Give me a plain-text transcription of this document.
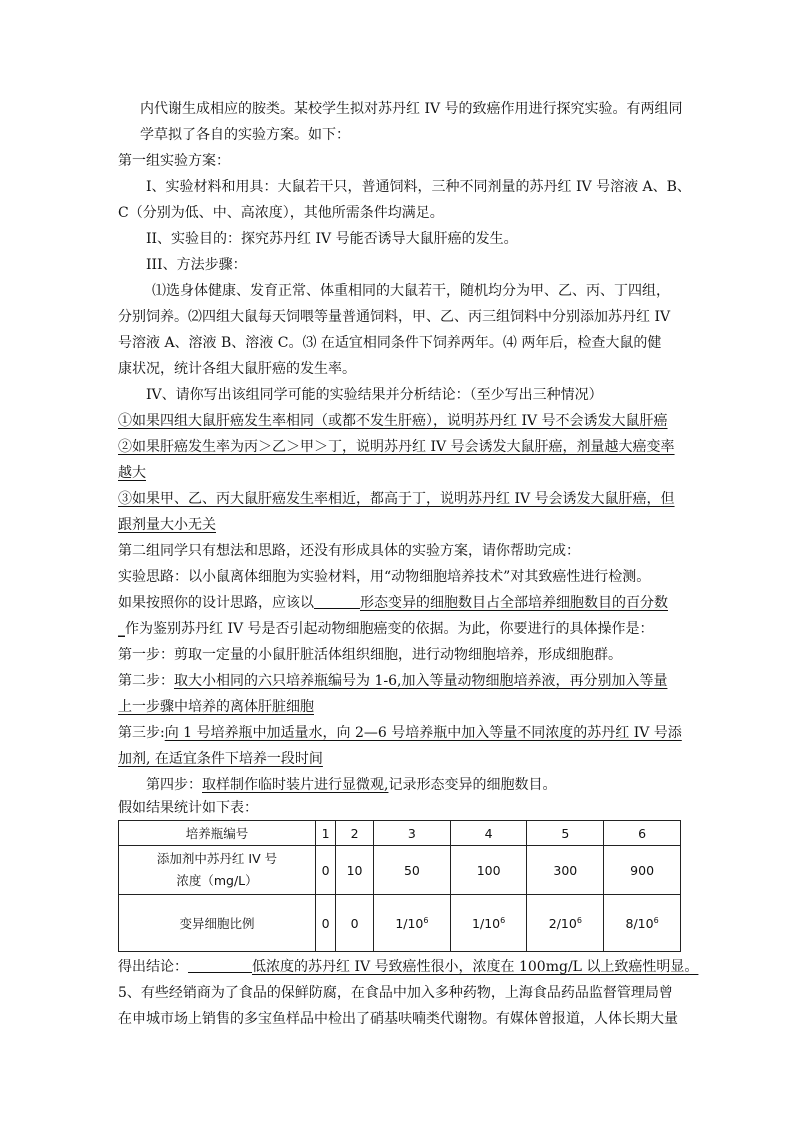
内代谢生成相应的胺类。某校学生拟对苏丹红 IV 号的致癌作用进行探究实验。有两组同
学草拟了各自的实验方案。如下：
第一组实验方案：
I、实验材料和用具：大鼠若干只，普通饲料，三种不同剂量的苏丹红 IV 号溶液 A、B、
C（分别为低、中、高浓度），其他所需条件均满足。
II、实验目的：探究苏丹红 IV 号能否诱导大鼠肝癌的发生。
III、方法步骤：
⑴选身体健康、发育正常、体重相同的大鼠若干，随机均分为甲、乙、丙、丁四组，
分别饲养。⑵四组大鼠每天饲喂等量普通饲料，甲、乙、丙三组饲料中分别添加苏丹红 IV
号溶液 A、溶液 B、溶液 C。⑶ 在适宜相同条件下饲养两年。⑷ 两年后，检查大鼠的健
康状况，统计各组大鼠肝癌的发生率。
IV、请你写出该组同学可能的实验结果并分析结论：（至少写出三种情况）
①如果四组大鼠肝癌发生率相同（或都不发生肝癌），说明苏丹红 IV 号不会诱发大鼠肝癌
②如果肝癌发生率为丙＞乙＞甲＞丁，说明苏丹红 IV 号会诱发大鼠肝癌，剂量越大癌变率
越大
③如果甲、乙、丙大鼠肝癌发生率相近，都高于丁，说明苏丹红 IV 号会诱发大鼠肝癌，但
跟剂量大小无关
第二组同学只有想法和思路，还没有形成具体的实验方案，请你帮助完成：
实验思路：以小鼠离体细胞为实验材料，用“动物细胞培养技术”对其致癌性进行检测。
如果按照你的设计思路，应该以	形态变异的细胞数目占全部培养细胞数目的百分数
_作为鉴别苏丹红 IV 号是否引起动物细胞癌变的依据。为此，你要进行的具体操作是：
第一步：剪取一定量的小鼠肝脏活体组织细胞，进行动物细胞培养，形成细胞群。
第二步：取大小相同的六只培养瓶编号为 1-6,加入等量动物细胞培养液，再分别加入等量
上一步骤中培养的离体肝脏细胞
第三步:向 1 号培养瓶中加适量水，向 2—6 号培养瓶中加入等量不同浓度的苏丹红 IV 号添
加剂, 在适宜条件下培养一段时间
第四步：取样制作临时装片进行显微观,记录形态变异的细胞数目。
假如结果统计如下表：
培养瓶编号	1	2	3	4	5	6

添加剂中苏丹红 IV 号
浓度（mg/L）	0	10	50	100	300	900
变异细胞比例	0	0	$1/10^6$	$1/10^6$	$2/10^6$	$8/10^6$
得出结论：	低浓度的苏丹红 IV 号致癌性很小，浓度在 100mg/L 以上致癌性明显。
5、有些经销商为了食品的保鲜防腐，在食品中加入多种药物，上海食品药品监督管理局曾
在申城市场上销售的多宝鱼样品中检出了硝基呋喃类代谢物。有媒体曾报道，人体长期大量
